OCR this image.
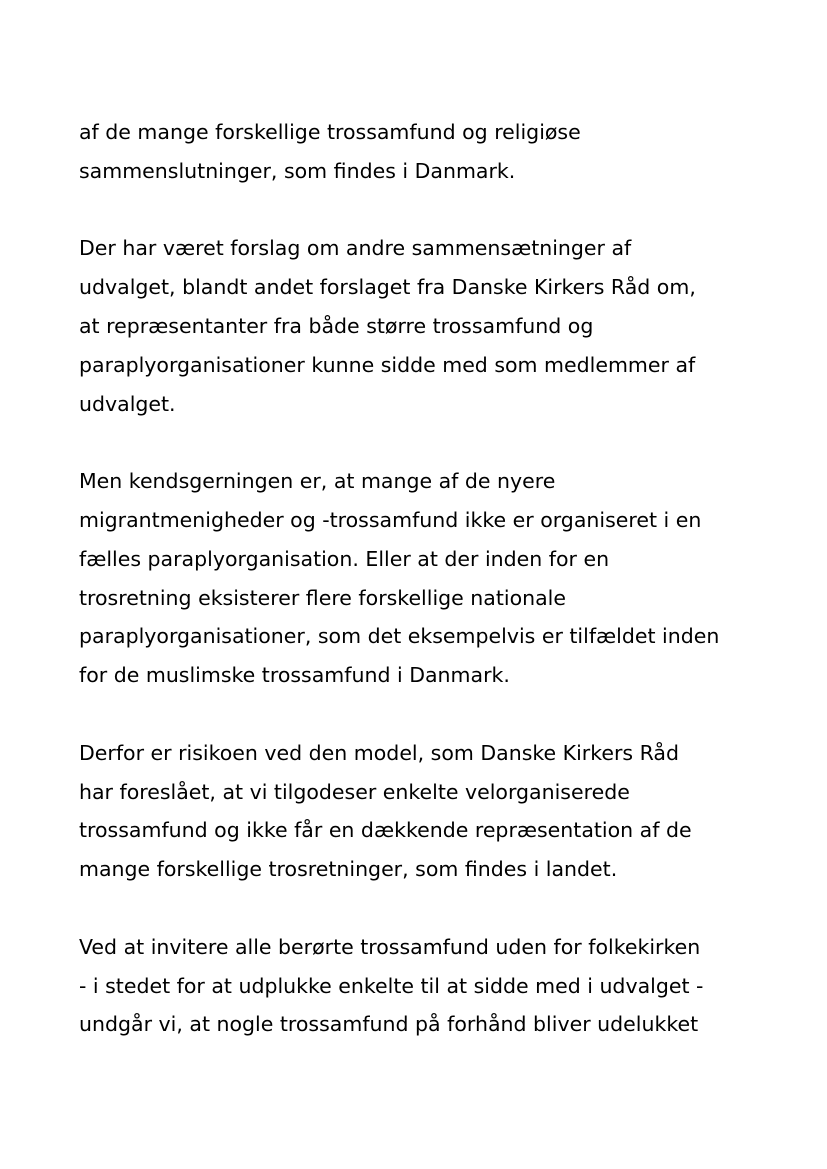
af de mange forskellige trossamfund og religiøse
sammenslutninger, som findes i Danmark.
Der har været forslag om andre sammensætninger af
udvalget, blandt andet forslaget fra Danske Kirkers Råd om,
at repræsentanter fra både større trossamfund og
paraplyorganisationer kunne sidde med som medlemmer af
udvalget.
Men kendsgerningen er, at mange af de nyere
migrantmenigheder og -trossamfund ikke er organiseret i en
fælles paraplyorganisation. Eller at der inden for en
trosretning eksisterer flere forskellige nationale
paraplyorganisationer, som det eksempelvis er tilfældet inden
for de muslimske trossamfund i Danmark.
Derfor er risikoen ved den model, som Danske Kirkers Råd
har foreslået, at vi tilgodeser enkelte velorganiserede
trossamfund og ikke får en dækkende repræsentation af de
mange forskellige trosretninger, som findes i landet.
Ved at invitere alle berørte trossamfund uden for folkekirken
- i stedet for at udplukke enkelte til at sidde med i udvalget -
undgår vi, at nogle trossamfund på forhånd bliver udelukket
